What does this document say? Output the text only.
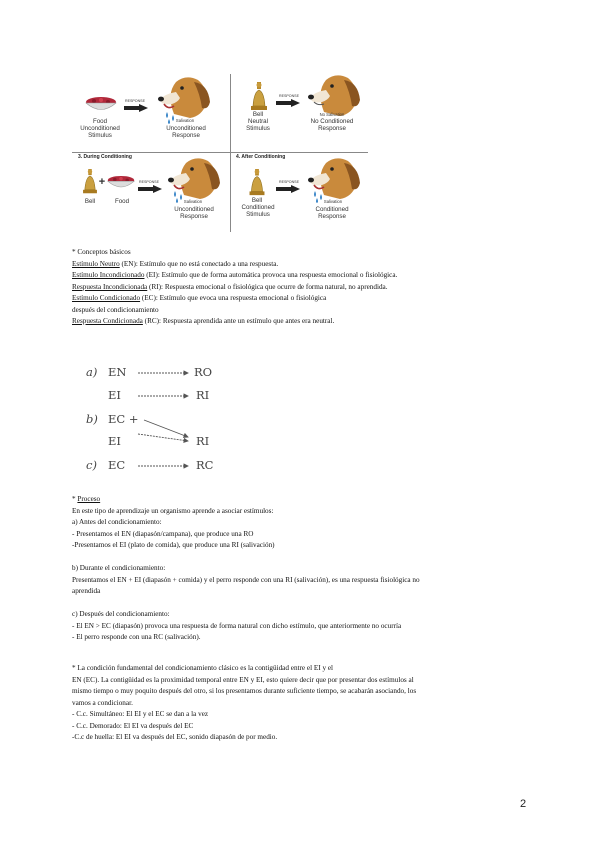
Food
Unconditioned
Stimulus
RESPONSE
Salivation
Unconditioned
Response
Bell
Neutral
Stimulus
RESPONSE
No Salivation
No Conditioned
Response
3. During Conditioning
+
Bell	Food
RESPONSE
Salivation
Unconditioned
Response
4. After Conditioning
Bell
Conditioned
Stimulus
RESPONSE
Salivation
Conditioned
Response

* Conceptos básicos

Estímulo Neutro (EN): Estímulo que no está conectado a una respuesta.

Estímulo Incondicionado (EI): Estímulo que de forma automática provoca una respuesta emocional o fisiológica.

Respuesta Incondicionada (RI): Respuesta emocional o fisiológica que ocurre de forma natural, no aprendida.

Estímulo Condicionado (EC): Estímulo que evoca una respuesta emocional o fisiológica

después del condicionamiento

Respuesta Condicionada (RC): Respuesta aprendida ante un estímulo que antes era neutral.

a) EN	RO
EI	RI
b) EC +
EI	RI
c) EC	RC

* Proceso

En este tipo de aprendizaje un organismo aprende a asociar estímulos:

a) Antes del condicionamiento:

- Presentamos el EN (diapasón/campana), que produce una RO

-Presentamos el EI (plato de comida), que produce una RI (salivación)

b) Durante el condicionamiento:

Presentamos el EN + EI (diapasón + comida) y el perro responde con una RI (salivación), es una respuesta fisiológica no

aprendida

c) Después del condicionamiento:

- El EN > EC (diapasón) provoca una respuesta de forma natural con dicho estímulo, que anteriormente no ocurría

- El perro responde con una RC (salivación).

* La condición fundamental del condicionamiento clásico es la contigüidad entre el EI y el

EN (EC). La contigüidad es la proximidad temporal entre EN y EI, esto quiere decir que por presentar dos estímulos al

mismo tiempo o muy poquito después del otro, si los presentamos durante suficiente tiempo, se acabarán asociando, los

vamos a condicionar.

- C.c. Simultáneo: El EI y el EC se dan a la vez

- C.c. Demorado: El EI va después del EC

-C.c de huella: El EI va después del EC, sonido diapasón de por medio.

2
